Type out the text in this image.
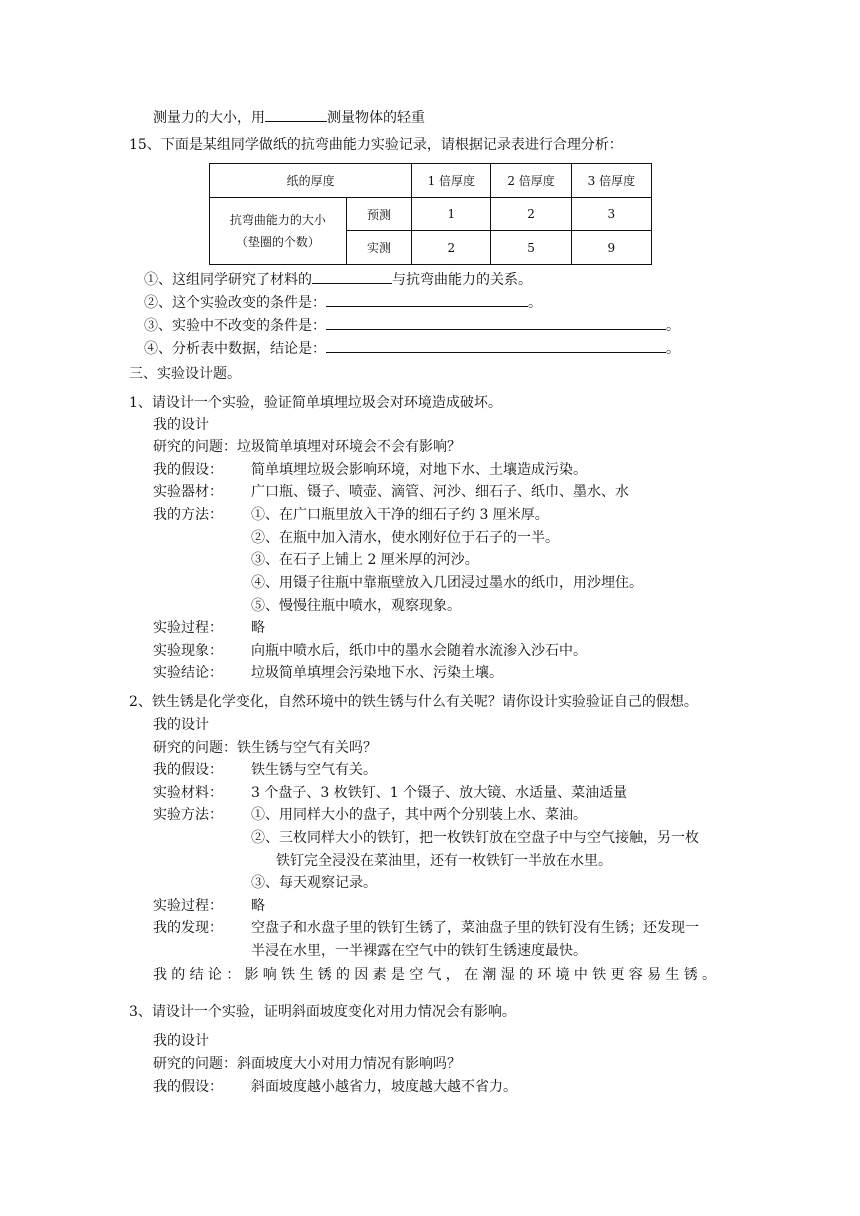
测量力的大小，用	测量物体的轻重
15、下面是某组同学做纸的抗弯曲能力实验记录，请根据记录表进行合理分析：
纸的厚度		1 倍厚度	2 倍厚度	3 倍厚度

抗弯曲能力的大小
（垫圈的个数）	预测	1	2	3
	实测	2	5	9
①、这组同学研究了材料的	与抗弯曲能力的关系。
②、这个实验改变的条件是：	。
③、实验中不改变的条件是：	。
④、分析表中数据，结论是：	。
三、实验设计题。
1、请设计一个实验，验证简单填埋垃圾会对环境造成破坏。
我的设计
研究的问题：垃圾简单填埋对环境会不会有影响？
我的假设： 简单填埋垃圾会影响环境，对地下水、土壤造成污染。
实验器材： 广口瓶、镊子、喷壶、滴管、河沙、细石子、纸巾、墨水、水
我的方法： ①、在广口瓶里放入干净的细石子约 3 厘米厚。
②、在瓶中加入清水，使水刚好位于石子的一半。
③、在石子上铺上 2 厘米厚的河沙。
④、用镊子往瓶中靠瓶壁放入几团浸过墨水的纸巾，用沙埋住。
⑤、慢慢往瓶中喷水，观察现象。
实验过程： 略
实验现象： 向瓶中喷水后，纸巾中的墨水会随着水流渗入沙石中。
实验结论： 垃圾简单填埋会污染地下水、污染土壤。
2、铁生锈是化学变化，自然环境中的铁生锈与什么有关呢？请你设计实验验证自己的假想。
我的设计
研究的问题：铁生锈与空气有关吗？
我的假设： 铁生锈与空气有关。
实验材料： 3 个盘子、3 枚铁钉、1 个镊子、放大镜、水适量、菜油适量
实验方法： ①、用同样大小的盘子，其中两个分别装上水、菜油。
②、三枚同样大小的铁钉，把一枚铁钉放在空盘子中与空气接触，另一枚
铁钉完全浸没在菜油里，还有一枚铁钉一半放在水里。
③、每天观察记录。
实验过程： 略
我的发现： 空盘子和水盘子里的铁钉生锈了，菜油盘子里的铁钉没有生锈；还发现一
半浸在水里，一半裸露在空气中的铁钉生锈速度最快。
我的结论：影响铁生锈的因素是空气，在潮湿的环境中铁更容易生锈。
3、请设计一个实验，证明斜面坡度变化对用力情况会有影响。
我的设计
研究的问题：斜面坡度大小对用力情况有影响吗？
我的假设： 斜面坡度越小越省力，坡度越大越不省力。
